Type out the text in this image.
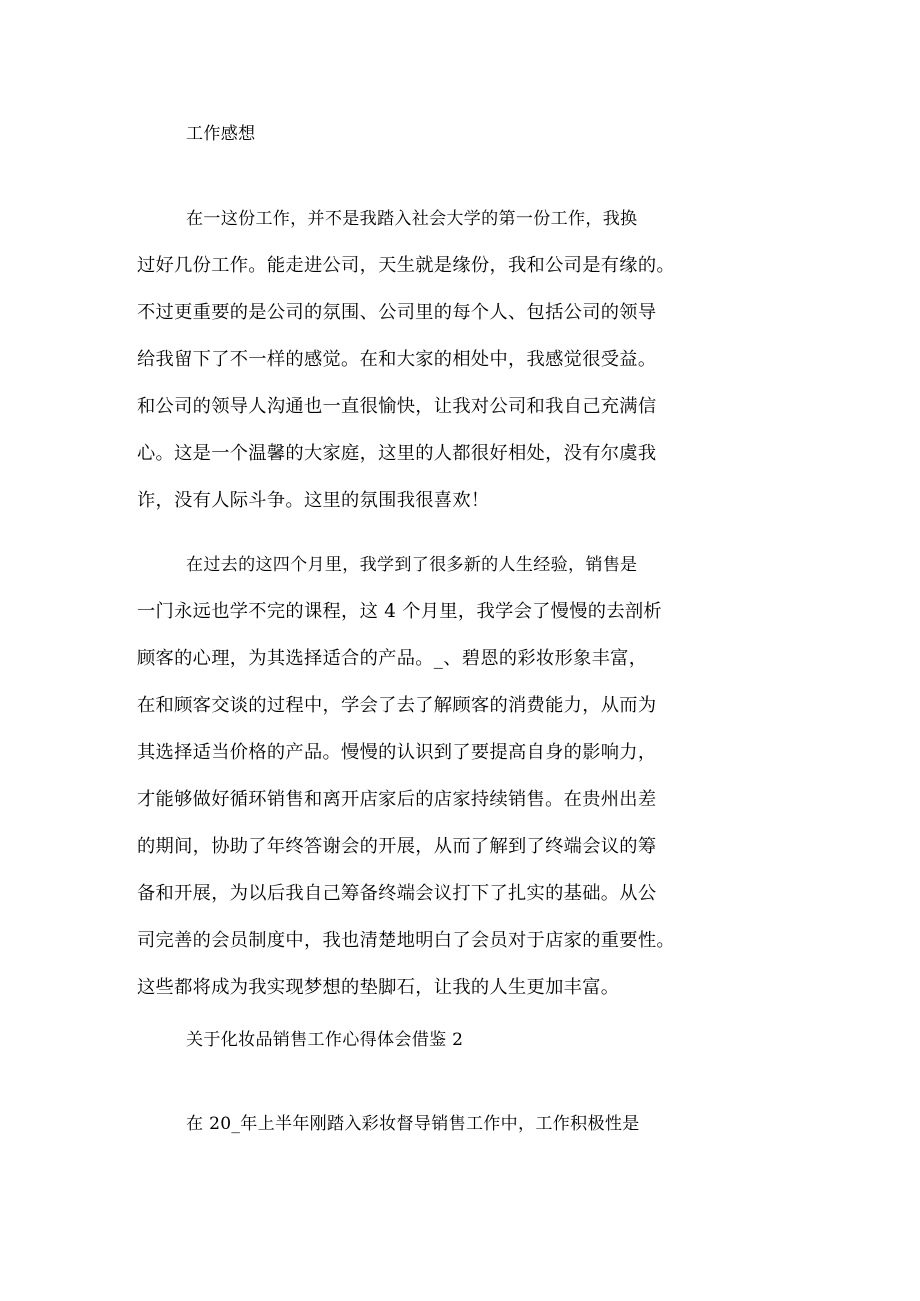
工作感想
在一这份工作，并不是我踏入社会大学的第一份工作，我换
过好几份工作。能走进公司，天生就是缘份，我和公司是有缘的。
不过更重要的是公司的氛围、公司里的每个人、包括公司的领导
给我留下了不一样的感觉。在和大家的相处中，我感觉很受益。
和公司的领导人沟通也一直很愉快，让我对公司和我自己充满信
心。这是一个温馨的大家庭，这里的人都很好相处，没有尔虞我
诈，没有人际斗争。这里的氛围我很喜欢！
在过去的这四个月里，我学到了很多新的人生经验，销售是
一门永远也学不完的课程，这 4 个月里，我学会了慢慢的去剖析
顾客的心理，为其选择适合的产品。_、碧恩的彩妆形象丰富，
在和顾客交谈的过程中，学会了去了解顾客的消费能力，从而为
其选择适当价格的产品。慢慢的认识到了要提高自身的影响力，
才能够做好循环销售和离开店家后的店家持续销售。在贵州出差
的期间，协助了年终答谢会的开展，从而了解到了终端会议的筹
备和开展，为以后我自己筹备终端会议打下了扎实的基础。从公
司完善的会员制度中，我也清楚地明白了会员对于店家的重要性。
这些都将成为我实现梦想的垫脚石，让我的人生更加丰富。
关于化妆品销售工作心得体会借鉴 2
在 20_年上半年刚踏入彩妆督导销售工作中，工作积极性是
